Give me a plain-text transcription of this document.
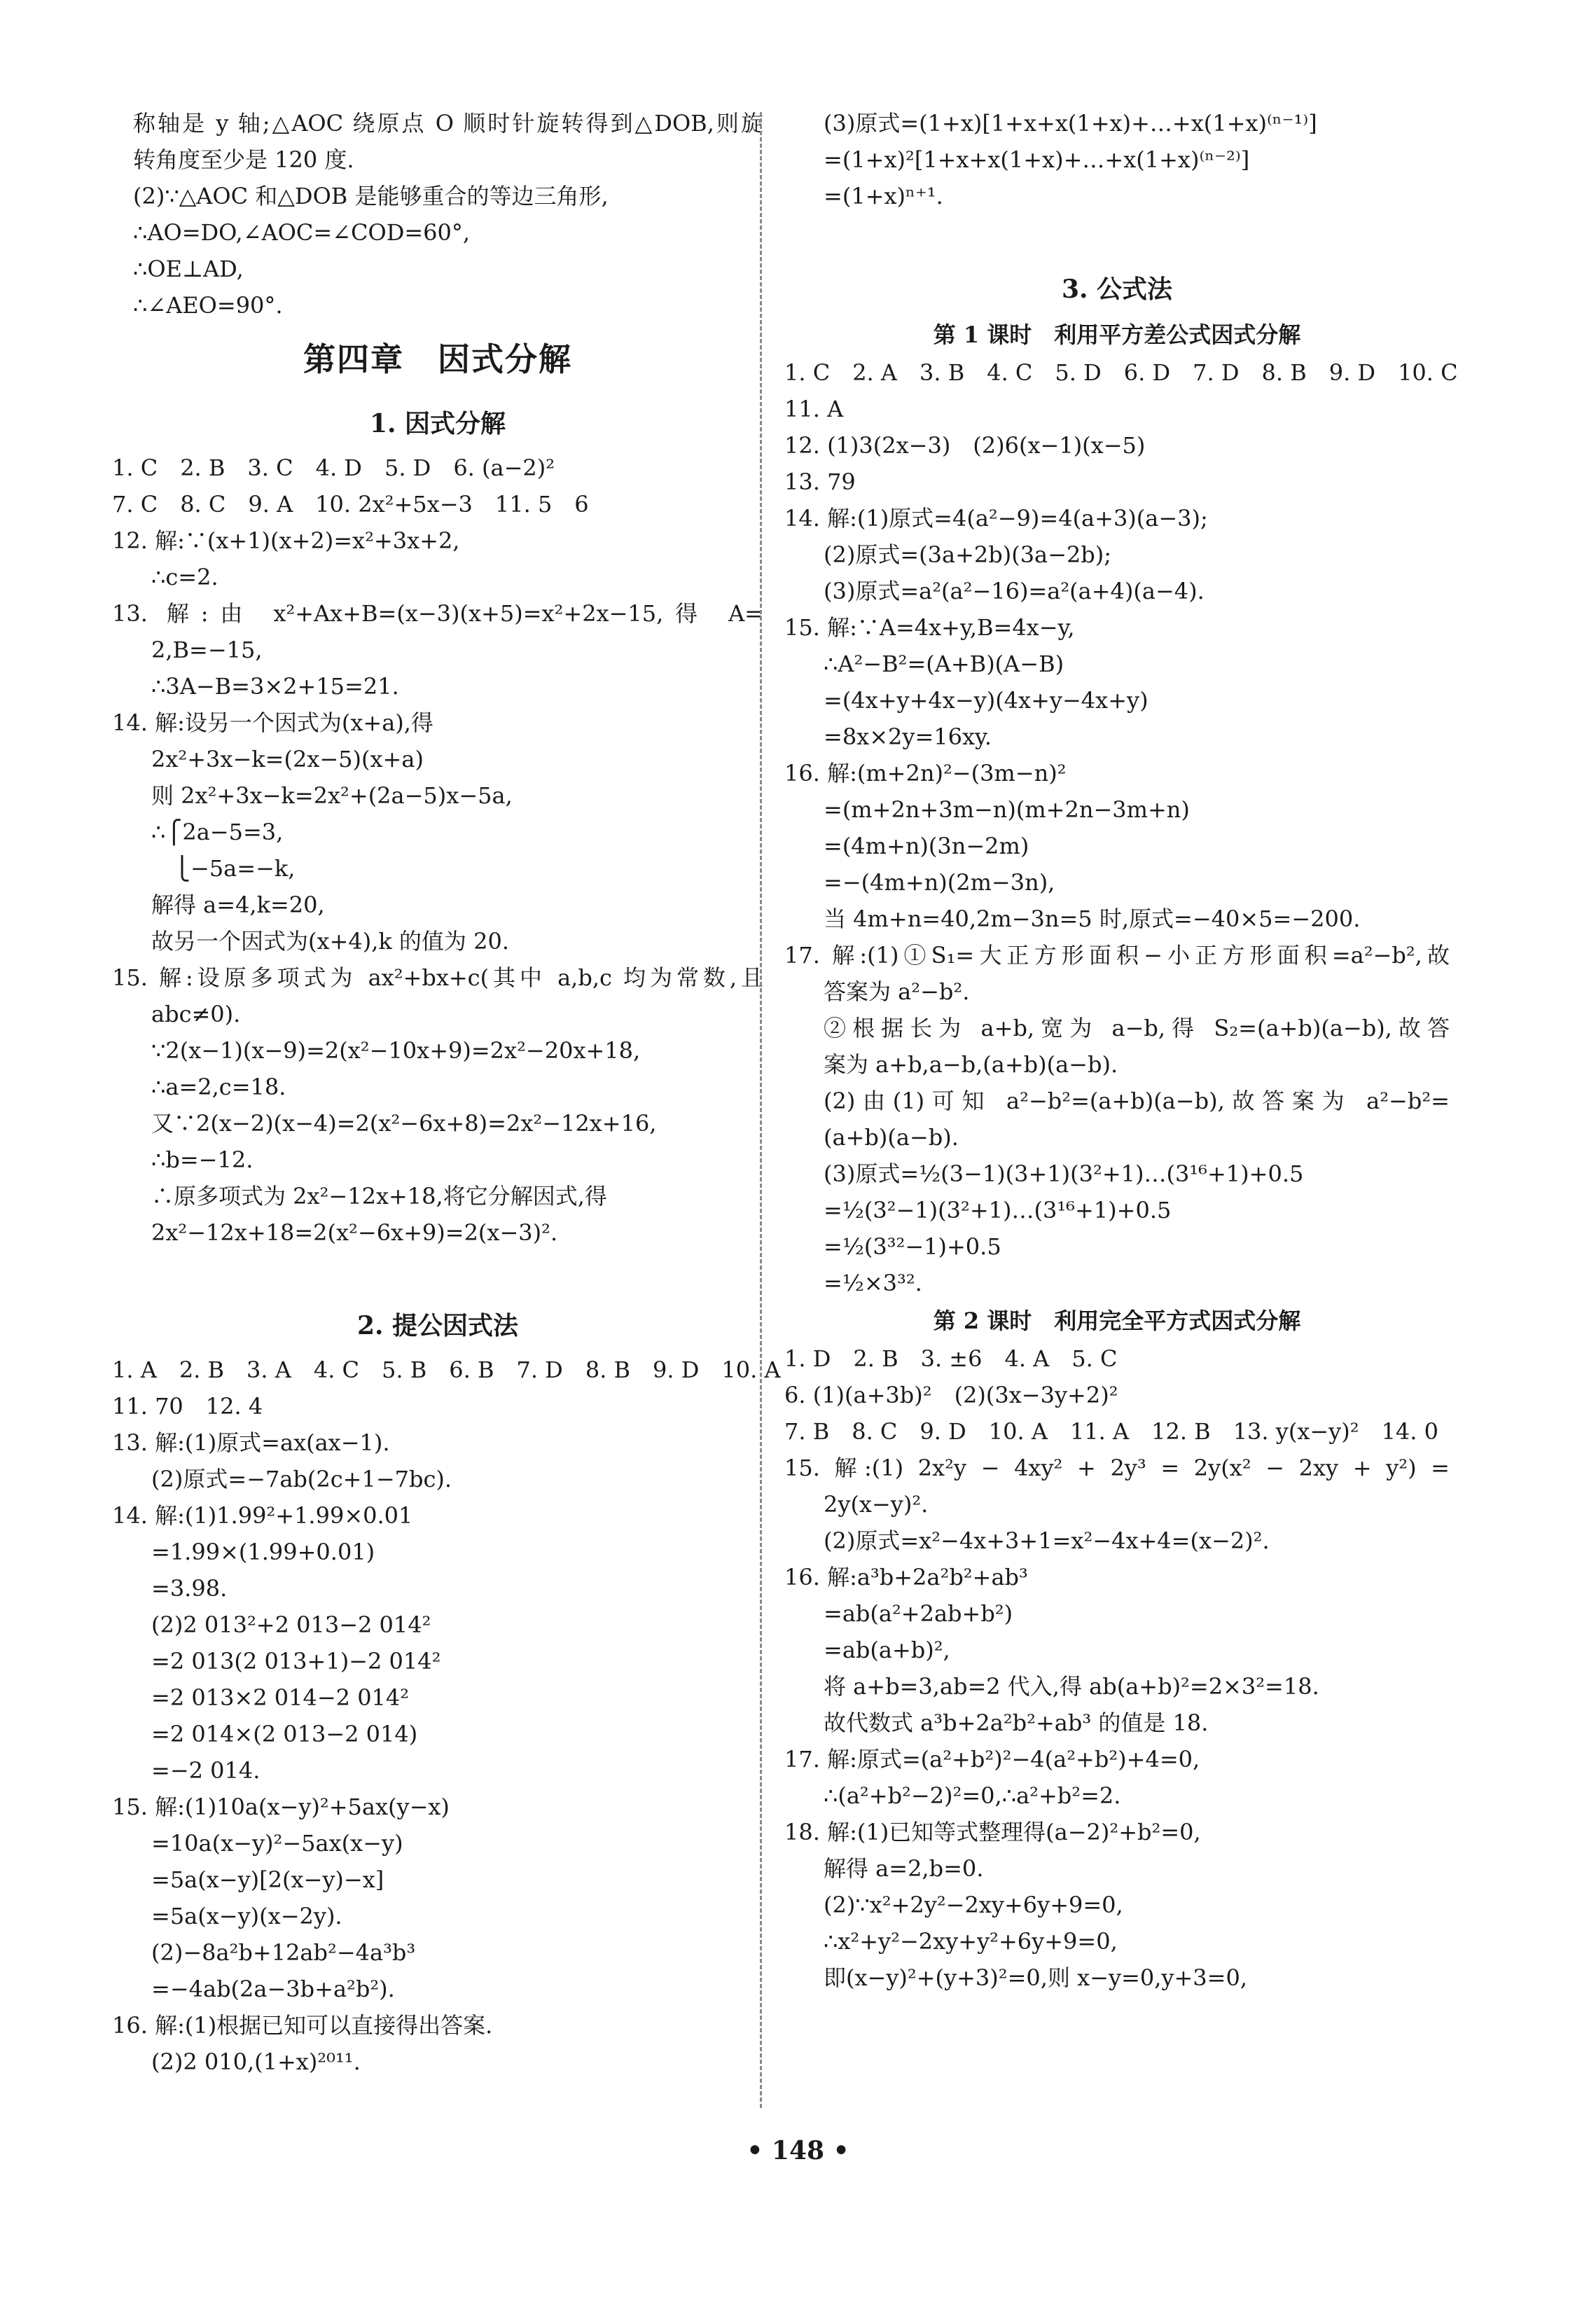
称轴是 y 轴;△AOC 绕原点 O 顺时针旋转得到△DOB,则旋
转角度至少是 120 度.
(2)∵△AOC 和△DOB 是能够重合的等边三角形,
∴AO=DO,∠AOC=∠COD=60°,
∴OE⊥AD,
∴∠AEO=90°.
第四章　因式分解
1. 因式分解
1. C　2. B　3. C　4. D　5. D　6. (a−2)²
7. C　8. C　9. A　10. 2x²+5x−3　11. 5　6
12. 解:∵(x+1)(x+2)=x²+3x+2,
∴c=2.
13. 解:由 x²+Ax+B=(x−3)(x+5)=x²+2x−15,得 A=
2,B=−15,
∴3A−B=3×2+15=21.
14. 解:设另一个因式为(x+a),得
2x²+3x−k=(2x−5)(x+a)
则 2x²+3x−k=2x²+(2a−5)x−5a,
∴⎧2a−5=3,
　⎩−5a=−k,
解得 a=4,k=20,
故另一个因式为(x+4),k 的值为 20.
15. 解:设原多项式为 ax²+bx+c(其中 a,b,c 均为常数,且
abc≠0).
∵2(x−1)(x−9)=2(x²−10x+9)=2x²−20x+18,
∴a=2,c=18.
又∵2(x−2)(x−4)=2(x²−6x+8)=2x²−12x+16,
∴b=−12.
∴原多项式为 2x²−12x+18,将它分解因式,得
2x²−12x+18=2(x²−6x+9)=2(x−3)².
2. 提公因式法
1. A　2. B　3. A　4. C　5. B　6. B　7. D　8. B　9. D　10. A
11. 70　12. 4
13. 解:(1)原式=ax(ax−1).
(2)原式=−7ab(2c+1−7bc).
14. 解:(1)1.99²+1.99×0.01
=1.99×(1.99+0.01)
=3.98.
(2)2 013²+2 013−2 014²
=2 013(2 013+1)−2 014²
=2 013×2 014−2 014²
=2 014×(2 013−2 014)
=−2 014.
15. 解:(1)10a(x−y)²+5ax(y−x)
=10a(x−y)²−5ax(x−y)
=5a(x−y)[2(x−y)−x]
=5a(x−y)(x−2y).
(2)−8a²b+12ab²−4a³b³
=−4ab(2a−3b+a²b²).
16. 解:(1)根据已知可以直接得出答案.
(2)2 010,(1+x)²⁰¹¹.
(3)原式=(1+x)[1+x+x(1+x)+…+x(1+x)⁽ⁿ⁻¹⁾]
=(1+x)²[1+x+x(1+x)+…+x(1+x)⁽ⁿ⁻²⁾]
=(1+x)ⁿ⁺¹.
3. 公式法
第 1 课时　利用平方差公式因式分解
1. C　2. A　3. B　4. C　5. D　6. D　7. D　8. B　9. D　10. C
11. A
12. (1)3(2x−3)　(2)6(x−1)(x−5)
13. 79
14. 解:(1)原式=4(a²−9)=4(a+3)(a−3);
(2)原式=(3a+2b)(3a−2b);
(3)原式=a²(a²−16)=a²(a+4)(a−4).
15. 解:∵A=4x+y,B=4x−y,
∴A²−B²=(A+B)(A−B)
=(4x+y+4x−y)(4x+y−4x+y)
=8x×2y=16xy.
16. 解:(m+2n)²−(3m−n)²
=(m+2n+3m−n)(m+2n−3m+n)
=(4m+n)(3n−2m)
=−(4m+n)(2m−3n),
当 4m+n=40,2m−3n=5 时,原式=−40×5=−200.
17. 解:(1)①S₁=大正方形面积−小正方形面积=a²−b²,故
答案为 a²−b².
②根据长为 a+b,宽为 a−b,得 S₂=(a+b)(a−b),故答
案为 a+b,a−b,(a+b)(a−b).
(2)由(1)可知 a²−b²=(a+b)(a−b),故答案为 a²−b²=
(a+b)(a−b).
(3)原式=½(3−1)(3+1)(3²+1)…(3¹⁶+1)+0.5
=½(3²−1)(3²+1)…(3¹⁶+1)+0.5
=½(3³²−1)+0.5
=½×3³².
第 2 课时　利用完全平方式因式分解
1. D　2. B　3. ±6　4. A　5. C
6. (1)(a+3b)²　(2)(3x−3y+2)²
7. B　8. C　9. D　10. A　11. A　12. B　13. y(x−y)²　14. 0
15. 解:(1) 2x²y − 4xy² + 2y³ = 2y(x² − 2xy + y²) =
2y(x−y)².
(2)原式=x²−4x+3+1=x²−4x+4=(x−2)².
16. 解:a³b+2a²b²+ab³
=ab(a²+2ab+b²)
=ab(a+b)²,
将 a+b=3,ab=2 代入,得 ab(a+b)²=2×3²=18.
故代数式 a³b+2a²b²+ab³ 的值是 18.
17. 解:原式=(a²+b²)²−4(a²+b²)+4=0,
∴(a²+b²−2)²=0,∴a²+b²=2.
18. 解:(1)已知等式整理得(a−2)²+b²=0,
解得 a=2,b=0.
(2)∵x²+2y²−2xy+6y+9=0,
∴x²+y²−2xy+y²+6y+9=0,
即(x−y)²+(y+3)²=0,则 x−y=0,y+3=0,
• 148 •
